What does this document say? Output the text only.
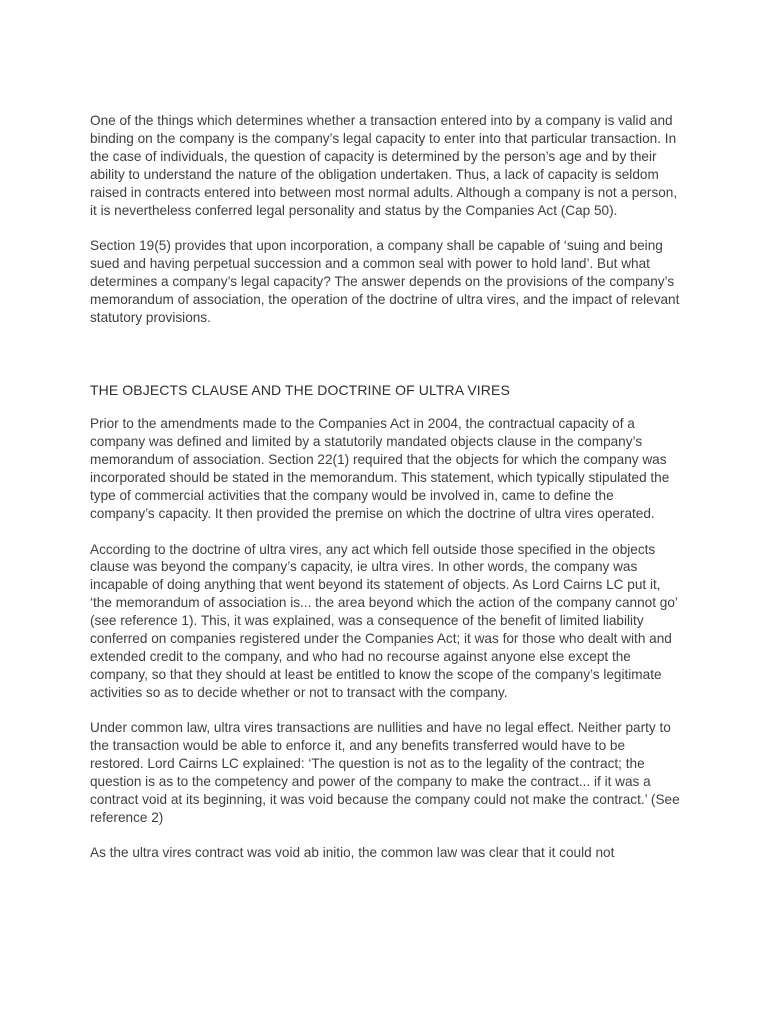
One of the things which determines whether a transaction entered into by a company is valid and binding on the company is the company’s legal capacity to enter into that particular transaction. In the case of individuals, the question of capacity is determined by the person’s age and by their ability to understand the nature of the obligation undertaken. Thus, a lack of capacity is seldom raised in contracts entered into between most normal adults. Although a company is not a person, it is nevertheless conferred legal personality and status by the Companies Act (Cap 50).

Section 19(5) provides that upon incorporation, a company shall be capable of ‘suing and being sued and having perpetual succession and a common seal with power to hold land’. But what determines a company’s legal capacity? The answer depends on the provisions of the company’s memorandum of association, the operation of the doctrine of ultra vires, and the impact of relevant statutory provisions.

THE OBJECTS CLAUSE AND THE DOCTRINE OF ULTRA VIRES

Prior to the amendments made to the Companies Act in 2004, the contractual capacity of a company was defined and limited by a statutorily mandated objects clause in the company’s memorandum of association. Section 22(1) required that the objects for which the company was incorporated should be stated in the memorandum. This statement, which typically stipulated the type of commercial activities that the company would be involved in, came to define the company’s capacity. It then provided the premise on which the doctrine of ultra vires operated.

According to the doctrine of ultra vires, any act which fell outside those specified in the objects clause was beyond the company’s capacity, ie ultra vires. In other words, the company was incapable of doing anything that went beyond its statement of objects. As Lord Cairns LC put it, ‘the memorandum of association is... the area beyond which the action of the company cannot go’ (see reference 1). This, it was explained, was a consequence of the benefit of limited liability conferred on companies registered under the Companies Act; it was for those who dealt with and extended credit to the company, and who had no recourse against anyone else except the company, so that they should at least be entitled to know the scope of the company’s legitimate activities so as to decide whether or not to transact with the company.

Under common law, ultra vires transactions are nullities and have no legal effect. Neither party to the transaction would be able to enforce it, and any benefits transferred would have to be restored. Lord Cairns LC explained: ‘The question is not as to the legality of the contract; the question is as to the competency and power of the company to make the contract... if it was a contract void at its beginning, it was void because the company could not make the contract.’ (See reference 2)

As the ultra vires contract was void ab initio, the common law was clear that it could not
